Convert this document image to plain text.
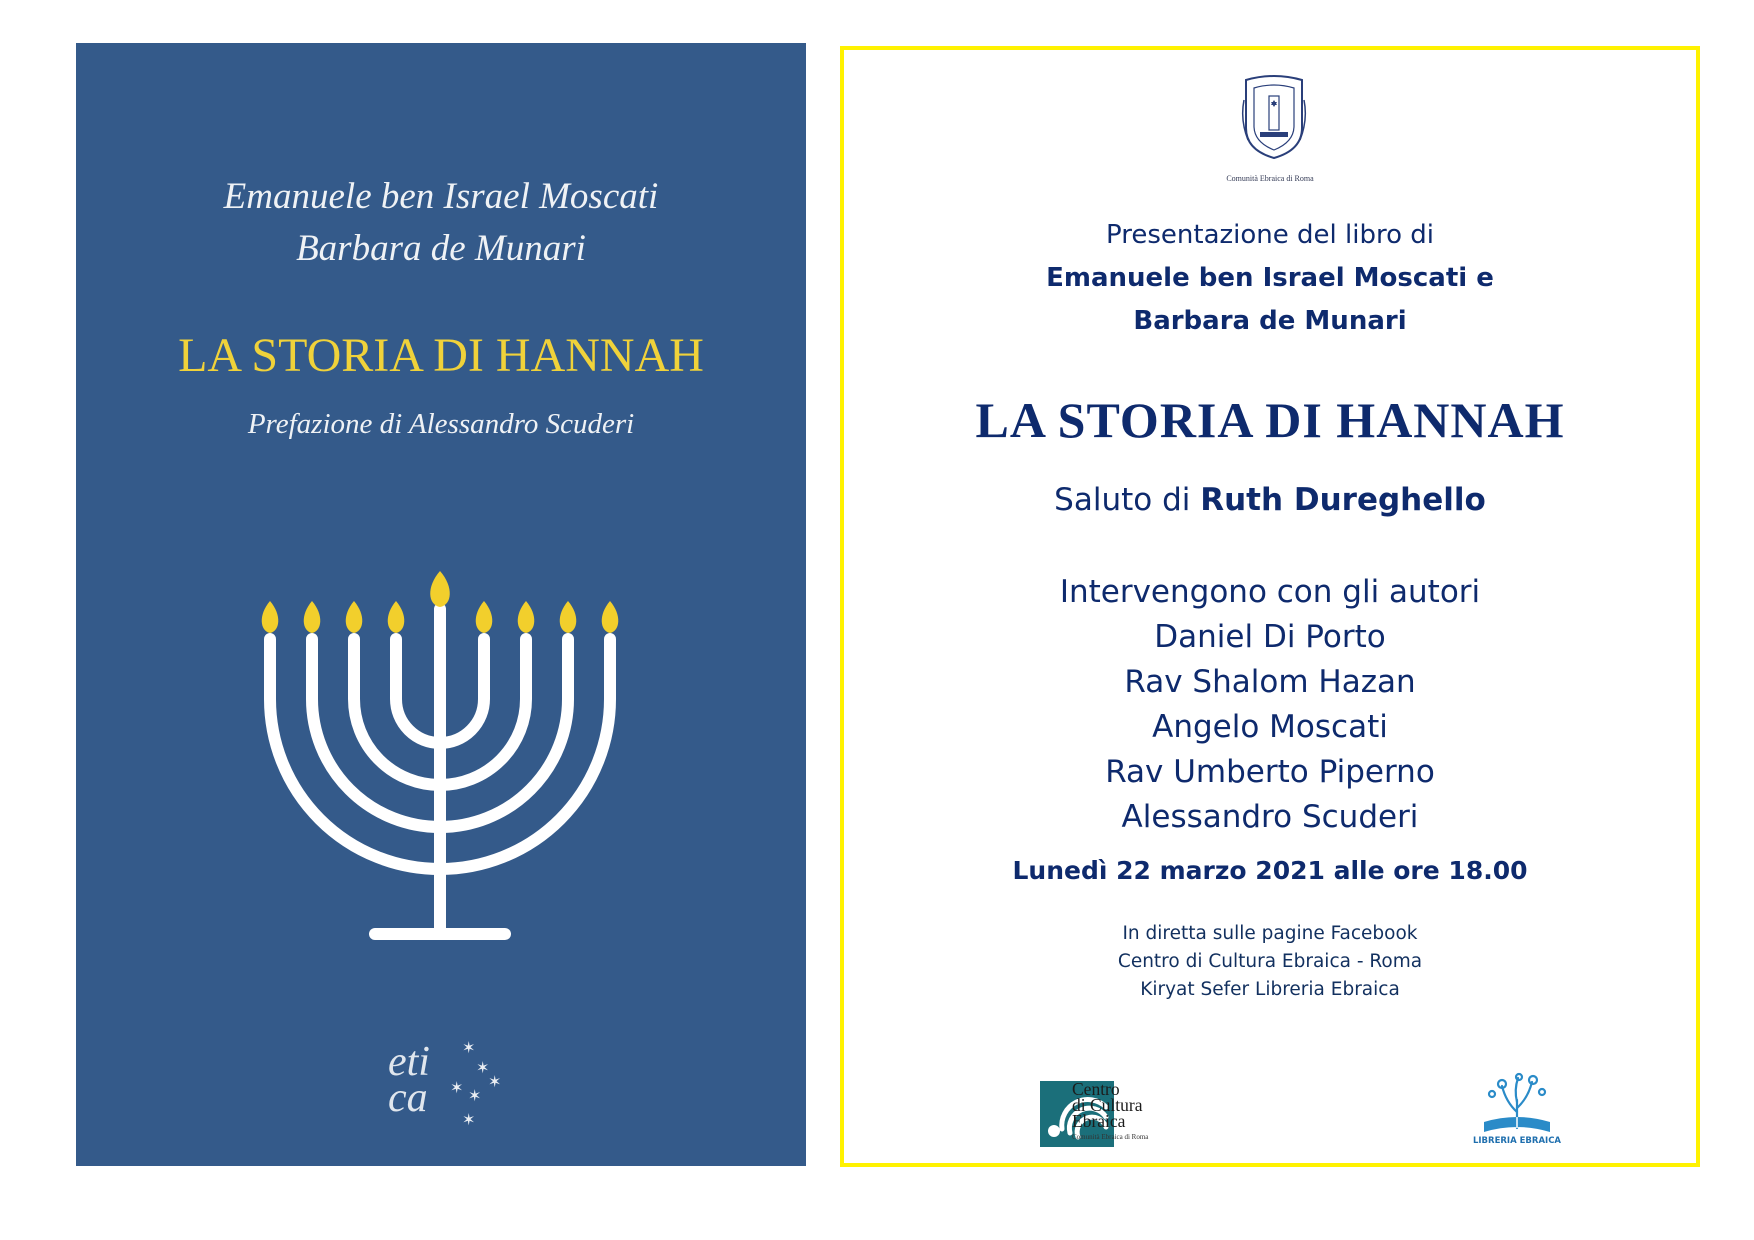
Emanuele ben Israel Moscati
Barbara de Munari
LA STORIA DI HANNAH
Prefazione di Alessandro Scuderi
eti
ca
✶
✶
✶
✶
✶
✶
Comunità Ebraica di Roma
Presentazione del libro di
Emanuele ben Israel Moscati e
Barbara de Munari
LA STORIA DI HANNAH
Saluto di Ruth Dureghello
Intervengono con gli autori
Daniel Di Porto
Rav Shalom Hazan
Angelo Moscati
Rav Umberto Piperno
Alessandro Scuderi
Lunedì 22 marzo 2021 alle ore 18.00
In diretta sulle pagine Facebook
Centro di Cultura Ebraica - Roma
Kiryat Sefer Libreria Ebraica
Centro
di Cultura
Ebraica
Comunità Ebraica di Roma	LIBRERIA EBRAICA
